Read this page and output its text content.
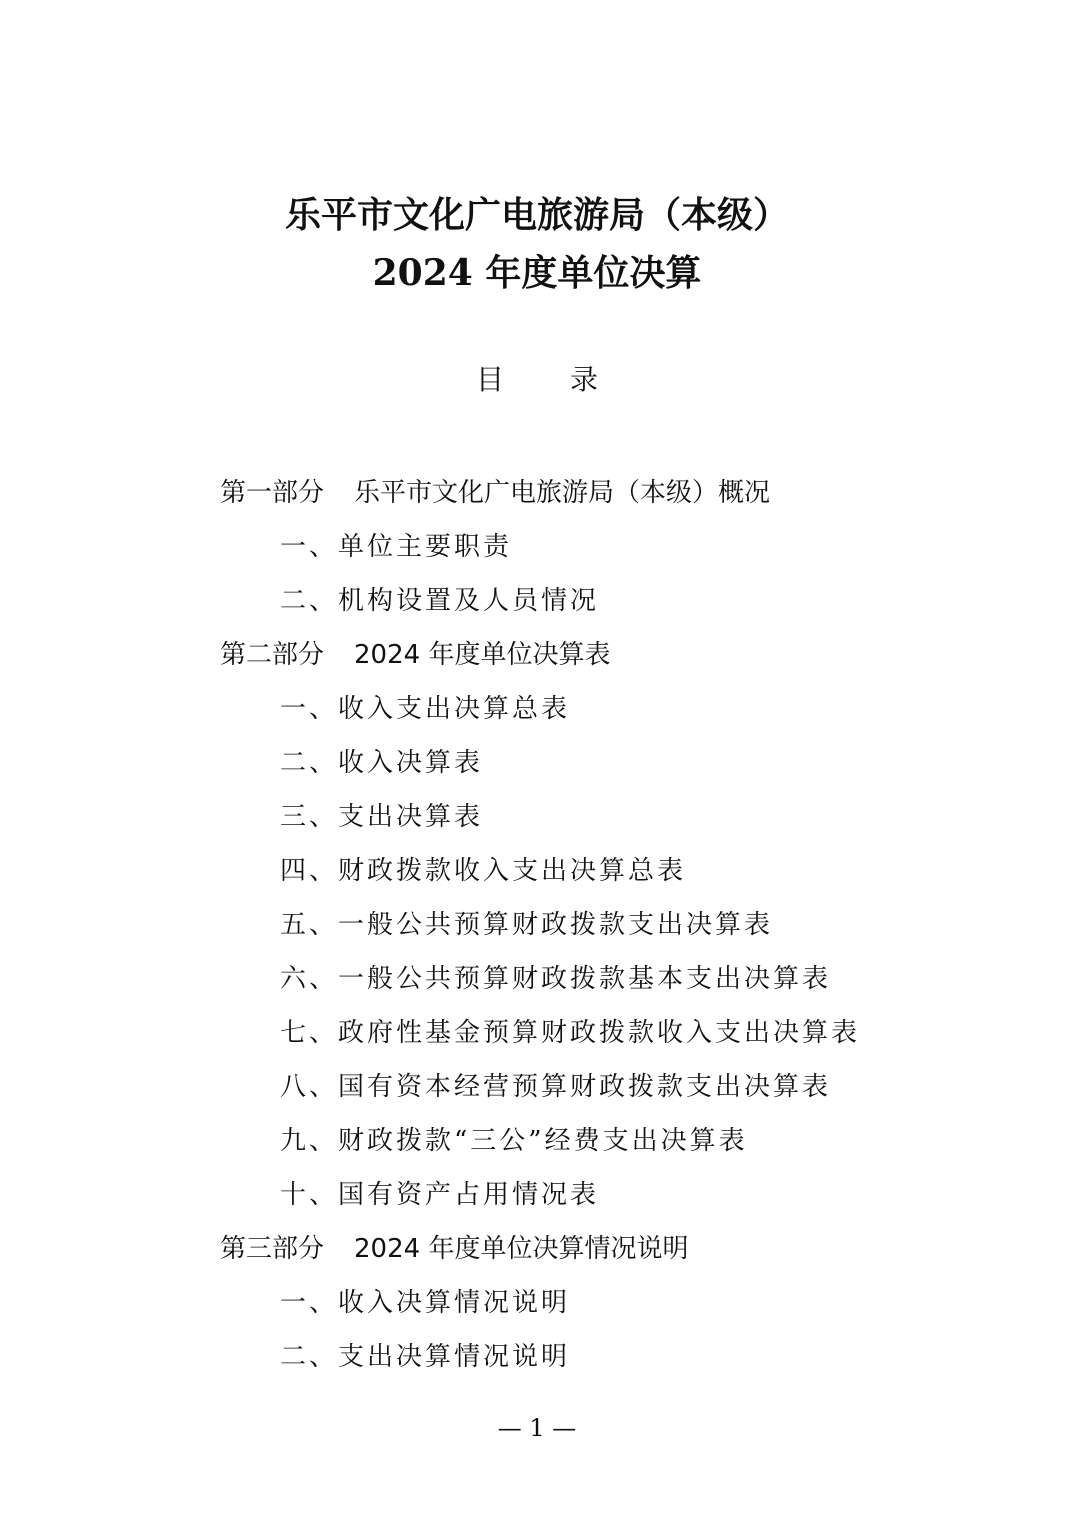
乐平市文化广电旅游局（本级）
2024 年度单位决算
目录
第一部分 乐平市文化广电旅游局（本级）概况
一、单位主要职责
二、机构设置及人员情况
第二部分 2024 年度单位决算表
一、收入支出决算总表
二、收入决算表
三、支出决算表
四、财政拨款收入支出决算总表
五、一般公共预算财政拨款支出决算表
六、一般公共预算财政拨款基本支出决算表
七、政府性基金预算财政拨款收入支出决算表
八、国有资本经营预算财政拨款支出决算表
九、财政拨款“三公”经费支出决算表
十、国有资产占用情况表
第三部分 2024 年度单位决算情况说明
一、收入决算情况说明
二、支出决算情况说明
— 1 —
